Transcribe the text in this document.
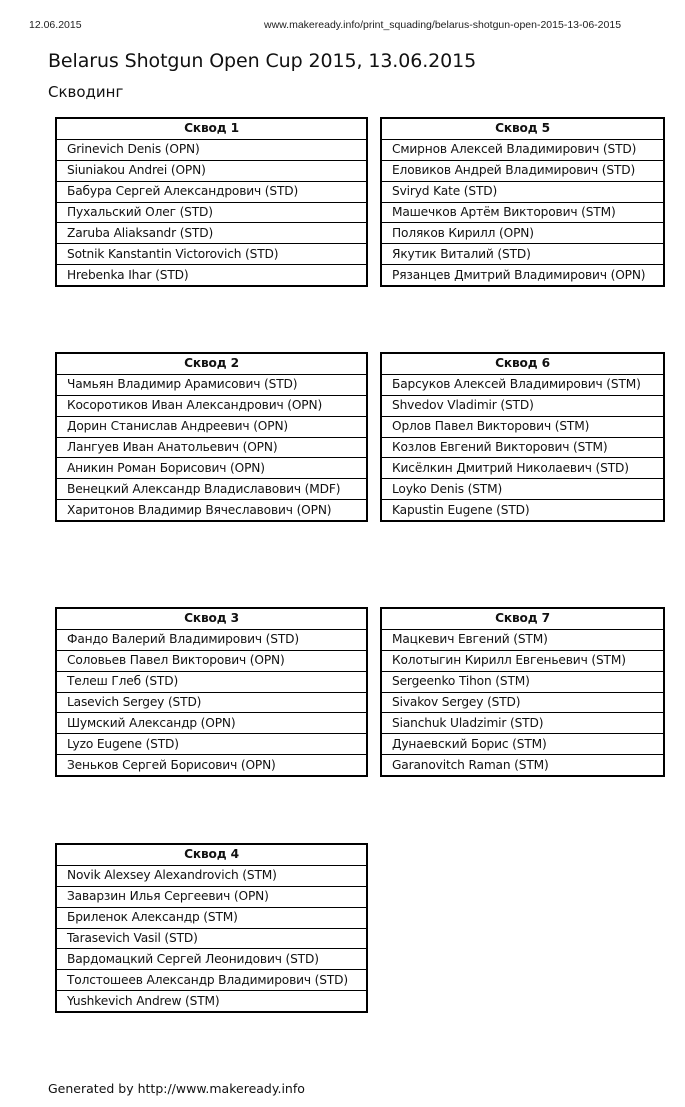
12.06.2015	www.makeready.info/print_squading/belarus-shotgun-open-2015-13-06-2015
Belarus Shotgun Open Cup 2015, 13.06.2015
Скводинг
Сквод 1
Grinevich Denis (OPN)
Siuniakou Andrei (OPN)
Бабура Сергей Александрович (STD)
Пухальский Олег (STD)
Zaruba Aliaksandr (STD)
Sotnik Kanstantin Victorovich (STD)
Hrebenka Ihar (STD)
Сквод 5
Смирнов Алексей Владимирович (STD)
Еловиков Андрей Владимирович (STD)
Sviryd Kate (STD)
Машечков Артём Викторович (STM)
Поляков Кирилл (OPN)
Якутик Виталий (STD)
Рязанцев Дмитрий Владимирович (OPN)
Сквод 2
Чамьян Владимир Арамисович (STD)
Косоротиков Иван Александрович (OPN)
Дорин Станислав Андреевич (OPN)
Лангуев Иван Анатольевич (OPN)
Аникин Роман Борисович (OPN)
Венецкий Александр Владиславович (MDF)
Харитонов Владимир Вячеславович (OPN)
Сквод 6
Барсуков Алексей Владимирович (STM)
Shvedov Vladimir (STD)
Орлов Павел Викторович (STM)
Козлов Евгений Викторович (STM)
Кисёлкин Дмитрий Николаевич (STD)
Loyko Denis (STM)
Kapustin Eugene (STD)
Сквод 3
Фандо Валерий Владимирович (STD)
Соловьев Павел Викторович (OPN)
Телеш Глеб (STD)
Lasevich Sergey (STD)
Шумский Александр (OPN)
Lyzo Eugene (STD)
Зеньков Сергей Борисович (OPN)
Сквод 7
Мацкевич Евгений (STM)
Колотыгин Кирилл Евгеньевич (STM)
Sergeenko Tihon (STM)
Sivakov Sergey (STD)
Sianchuk Uladzimir (STD)
Дунаевский Борис (STM)
Garanovitch Raman (STM)
Сквод 4
Novik Alexsey Alexandrovich (STM)
Заварзин Илья Сергеевич (OPN)
Бриленок Александр (STM)
Tarasevich Vasil (STD)
Вардомацкий Сергей Леонидович (STD)
Толстошеев Александр Владимирович (STD)
Yushkevich Andrew (STM)
Generated by http://www.makeready.info
